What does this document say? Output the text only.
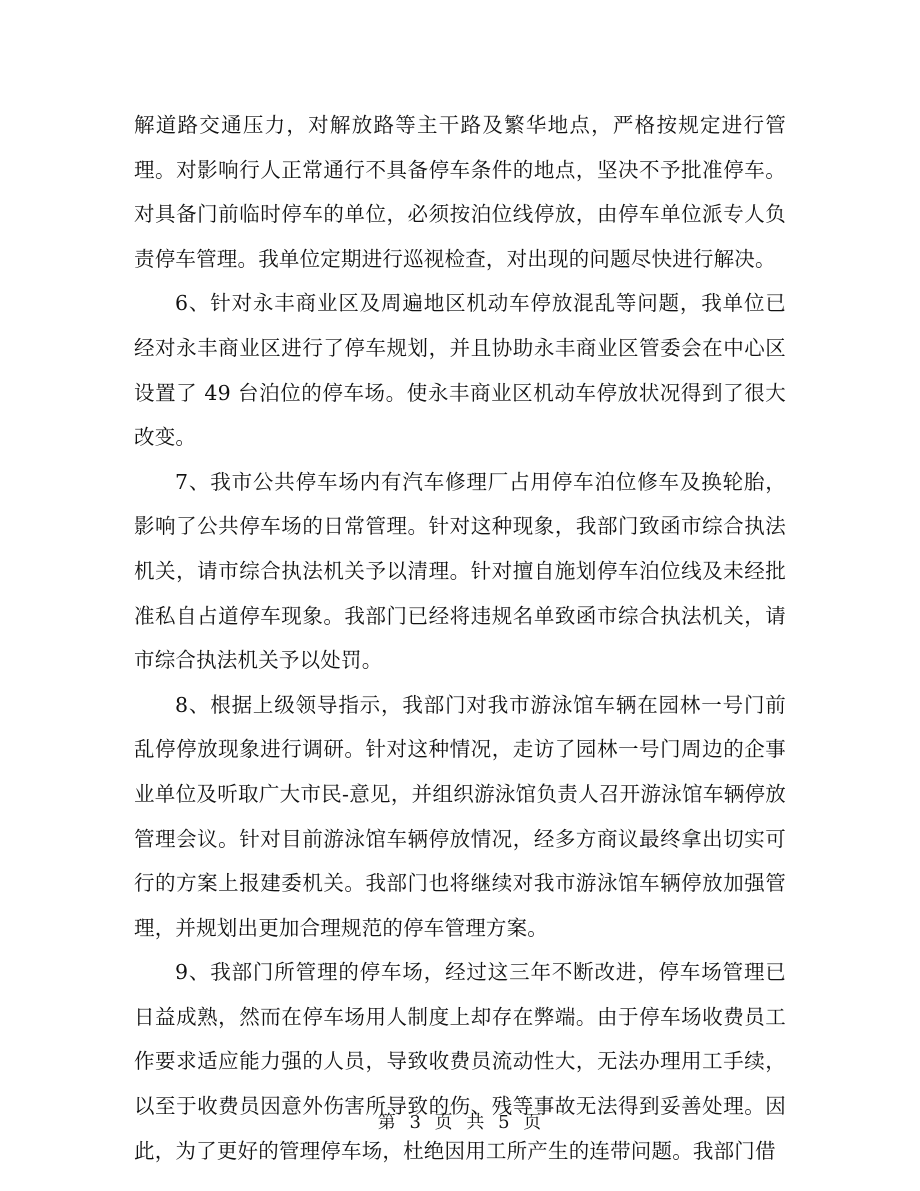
解道路交通压力，对解放路等主干路及繁华地点，严格按规定进行管理。对影响行人正常通行不具备停车条件的地点，坚决不予批准停车。对具备门前临时停车的单位，必须按泊位线停放，由停车单位派专人负责停车管理。我单位定期进行巡视检查，对出现的问题尽快进行解决。

6、针对永丰商业区及周遍地区机动车停放混乱等问题，我单位已经对永丰商业区进行了停车规划，并且协助永丰商业区管委会在中心区设置了 49 台泊位的停车场。使永丰商业区机动车停放状况得到了很大改变。

7、我市公共停车场内有汽车修理厂占用停车泊位修车及换轮胎，影响了公共停车场的日常管理。针对这种现象，我部门致函市综合执法机关，请市综合执法机关予以清理。针对擅自施划停车泊位线及未经批准私自占道停车现象。我部门已经将违规名单致函市综合执法机关，请市综合执法机关予以处罚。

8、根据上级领导指示，我部门对我市游泳馆车辆在园林一号门前乱停停放现象进行调研。针对这种情况，走访了园林一号门周边的企事业单位及听取广大市民-意见，并组织游泳馆负责人召开游泳馆车辆停放管理会议。针对目前游泳馆车辆停放情况，经多方商议最终拿出切实可行的方案上报建委机关。我部门也将继续对我市游泳馆车辆停放加强管理，并规划出更加合理规范的停车管理方案。

9、我部门所管理的停车场，经过这三年不断改进，停车场管理已日益成熟，然而在停车场用人制度上却存在弊端。由于停车场收费员工作要求适应能力强的人员，导致收费员流动性大，无法办理用工手续，以至于收费员因意外伤害所导致的伤、残等事故无法得到妥善处理。因此，为了更好的管理停车场，杜绝因用工所产生的连带问题。我部门借

第 3 页 共 5 页
